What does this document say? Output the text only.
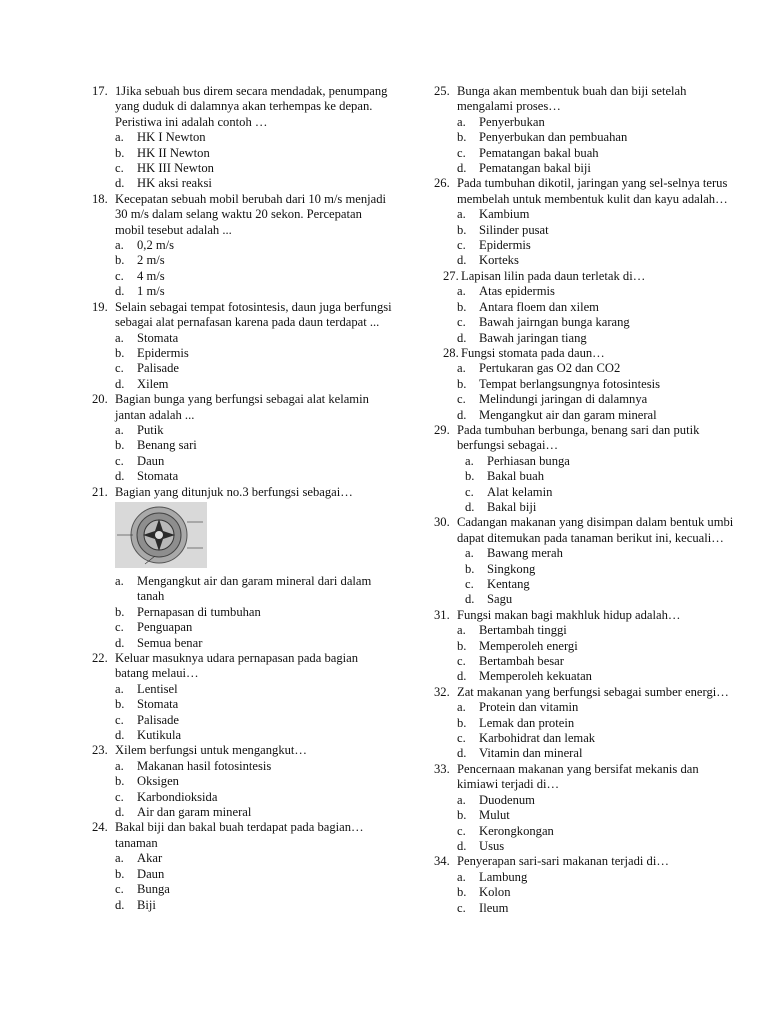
17. 1Jika sebuah bus direm secara mendadak, penumpang yang duduk di dalamnya akan terhempas ke depan. Peristiwa ini adalah contoh …
a. HK I Newton
b. HK II Newton
c. HK III Newton
d. HK aksi reaksi
18. Kecepatan sebuah mobil berubah dari 10 m/s menjadi 30 m/s dalam selang waktu 20 sekon. Percepatan mobil tesebut adalah ...
a. 0,2 m/s
b. 2 m/s
c. 4 m/s
d. 1 m/s
19. Selain sebagai tempat fotosintesis, daun juga berfungsi sebagai alat pernafasan karena pada daun terdapat ...
a. Stomata
b. Epidermis
c. Palisade
d. Xilem
20. Bagian bunga yang berfungsi sebagai alat kelamin jantan adalah ...
a. Putik
b. Benang sari
c. Daun
d. Stomata
21. Bagian yang ditunjuk no.3 berfungsi sebagai…
a. Mengangkut air dan garam mineral dari dalam tanah
b. Pernapasan di tumbuhan
c. Penguapan
d. Semua benar
22. Keluar masuknya udara pernapasan pada bagian batang melaui…
a. Lentisel
b. Stomata
c. Palisade
d. Kutikula
23. Xilem berfungsi untuk mengangkut…
a. Makanan hasil fotosintesis
b. Oksigen
c. Karbondioksida
d. Air dan garam mineral
24. Bakal biji dan bakal buah terdapat pada bagian… tanaman
a. Akar
b. Daun
c. Bunga
d. Biji
25. Bunga akan membentuk buah dan biji setelah mengalami proses…
a. Penyerbukan
b. Penyerbukan dan pembuahan
c. Pematangan bakal buah
d. Pematangan bakal biji
26. Pada tumbuhan dikotil, jaringan yang sel-selnya terus membelah untuk membentuk kulit dan kayu adalah…
a. Kambium
b. Silinder pusat
c. Epidermis
d. Korteks
27. Lapisan lilin pada daun terletak di…
a. Atas epidermis
b. Antara floem dan xilem
c. Bawah jairngan bunga karang
d. Bawah jaringan tiang
28. Fungsi stomata pada daun…
a. Pertukaran gas O2 dan CO2
b. Tempat berlangsungnya fotosintesis
c. Melindungi jaringan di dalamnya
d. Mengangkut air dan garam mineral
29. Pada tumbuhan berbunga, benang sari dan putik berfungsi sebagai…
a. Perhiasan bunga
b. Bakal buah
c. Alat kelamin
d. Bakal biji
30. Cadangan makanan yang disimpan dalam bentuk umbi dapat ditemukan pada tanaman berikut ini, kecuali…
a. Bawang merah
b. Singkong
c. Kentang
d. Sagu
31. Fungsi makan bagi makhluk hidup adalah…
a. Bertambah tinggi
b. Memperoleh energi
c. Bertambah besar
d. Memperoleh kekuatan
32. Zat makanan yang berfungsi sebagai sumber energi…
a. Protein dan vitamin
b. Lemak dan protein
c. Karbohidrat dan lemak
d. Vitamin dan mineral
33. Pencernaan makanan yang bersifat mekanis dan kimiawi terjadi di…
a. Duodenum
b. Mulut
c. Kerongkongan
d. Usus
34. Penyerapan sari-sari makanan terjadi di…
a. Lambung
b. Kolon
c. Ileum
